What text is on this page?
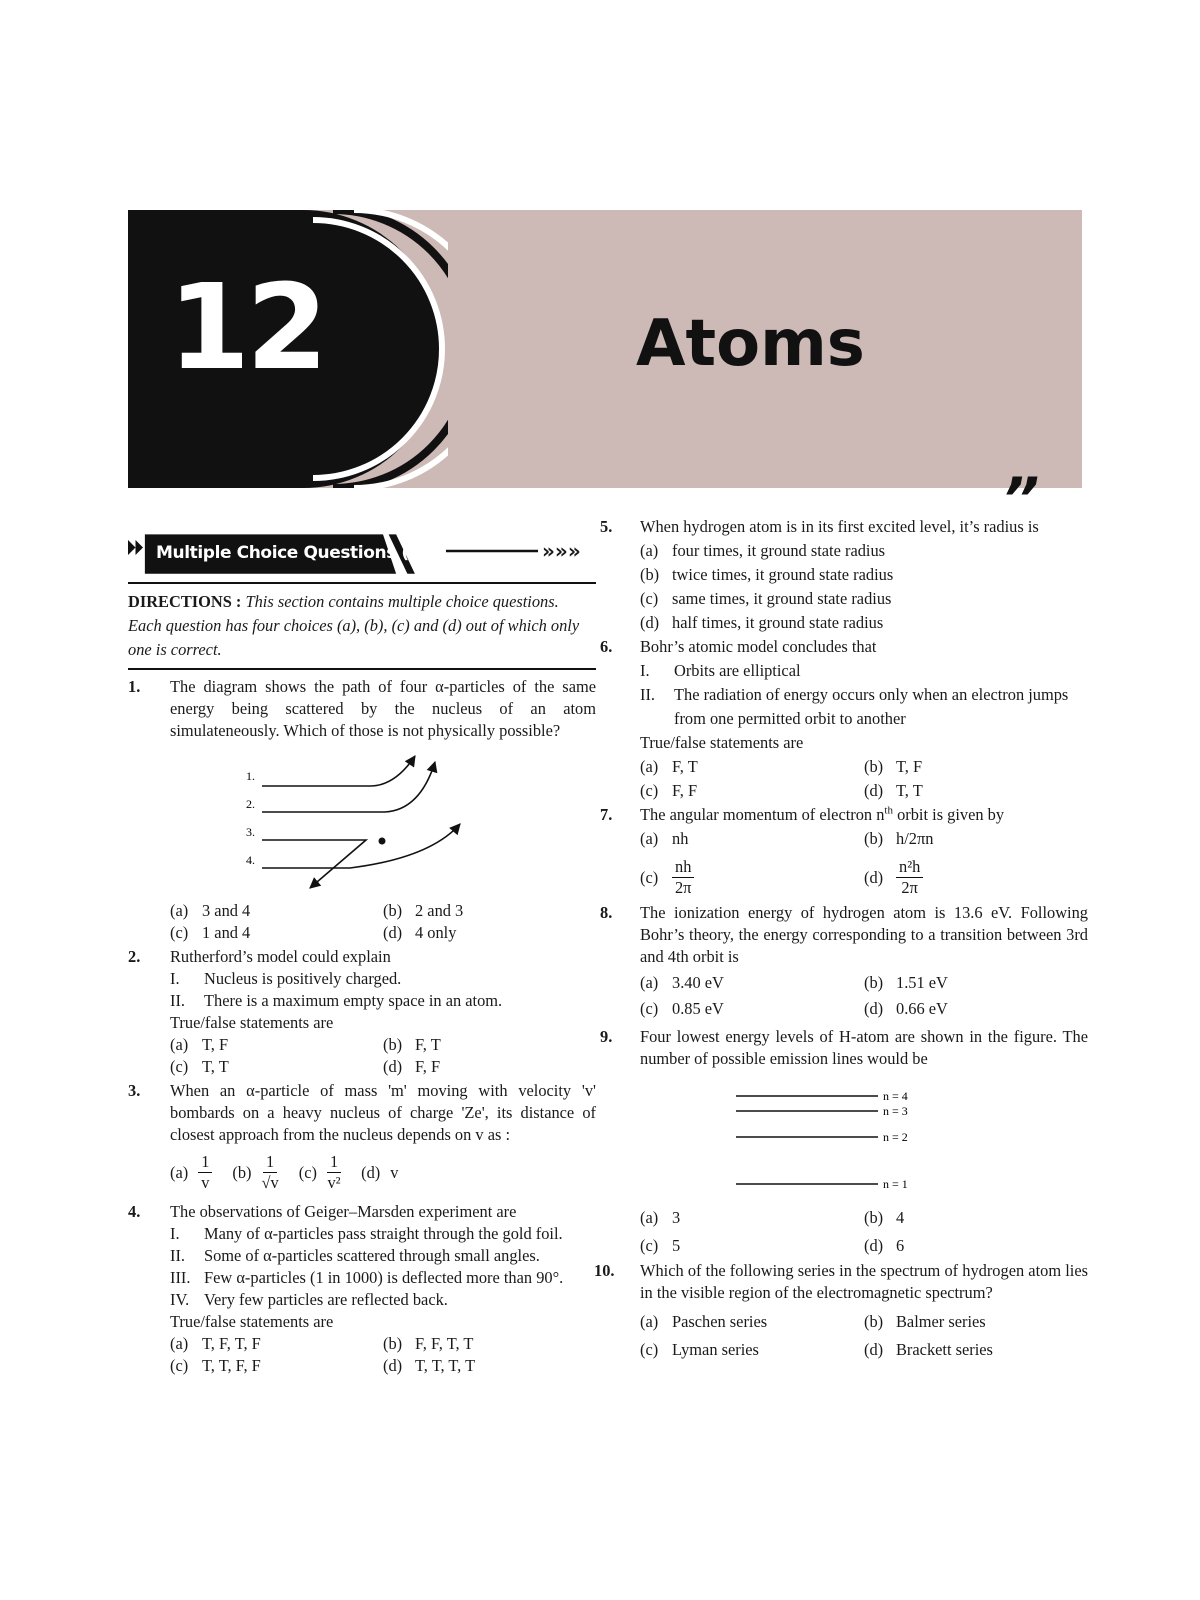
12	Atoms
”
Multiple Choice Questions (MCQs)	»»»
DIRECTIONS : This section contains multiple choice questions. Each question has four choices (a), (b), (c) and (d) out of which only one is correct.
1. The diagram shows the path of four α-particles of the same energy being scattered by the nucleus of an atom simulateneously. Which of those is not physically possible?
1.
2.
3.
4.
(a) 3 and 4	(b) 2 and 3
(c) 1 and 4	(d) 4 only
2. Rutherford’s model could explain
I.	Nucleus is positively charged.
II.	There is a maximum empty space in an atom.
True/false statements are
(a) T, F	(b) F, T
(c) T, T	(d) F, F
3. When an α-particle of mass 'm' moving with velocity 'v' bombards on a heavy nucleus of charge 'Ze', its distance of closest approach from the nucleus depends on v as :
$(a) \frac{1}{v} (b) \frac{1}{√v} (c) \frac{1}{\text{v²}} (d)$ v
4. The observations of Geiger–Marsden experiment are
I.	Many of α-particles pass straight through the gold foil.
II.	Some of α-particles scattered through small angles.
III. Few α-particles (1 in 1000) is deflected more than 90°.
IV. Very few particles are reflected back.
True/false statements are
(a) T, F, T, F	(b) F, F, T, T
(c) T, T, F, F	(d) T, T, T, T
5. When hydrogen atom is in its first excited level, it’s radius is
(a) four times, it ground state radius
(b) twice times, it ground state radius
(c) same times, it ground state radius
(d) half times, it ground state radius
6. Bohr’s atomic model concludes that
I.	Orbits are elliptical
II.	The radiation of energy occurs only when an electron jumps from one permitted orbit to another
True/false statements are
(a) F, T	(b) T, F
(c) F, F	(d) T, T
7. The angular momentum of electron $n^{th}$ orbit is given by
(a) nh	(b) h/2πn
$(c) \frac{nh}{2\pi}$	$(d) \frac{\text{n²h}}{2\pi}$
8. The ionization energy of hydrogen atom is 13.6 eV. Following Bohr’s theory, the energy corresponding to a transition between 3rd and 4th orbit is
(a) 3.40 eV	(b) 1.51 eV
(c) 0.85 eV	(d) 0.66 eV
9. Four lowest energy levels of H-atom are shown in the figure. The number of possible emission lines would be
n = 4
n = 3
n = 2
n = 1
(a) 3	(b) 4
(c) 5	(d) 6
10. Which of the following series in the spectrum of hydrogen atom lies in the visible region of the electromagnetic spectrum?
(a) Paschen series	(b) Balmer series
(c) Lyman series	(d) Brackett series
